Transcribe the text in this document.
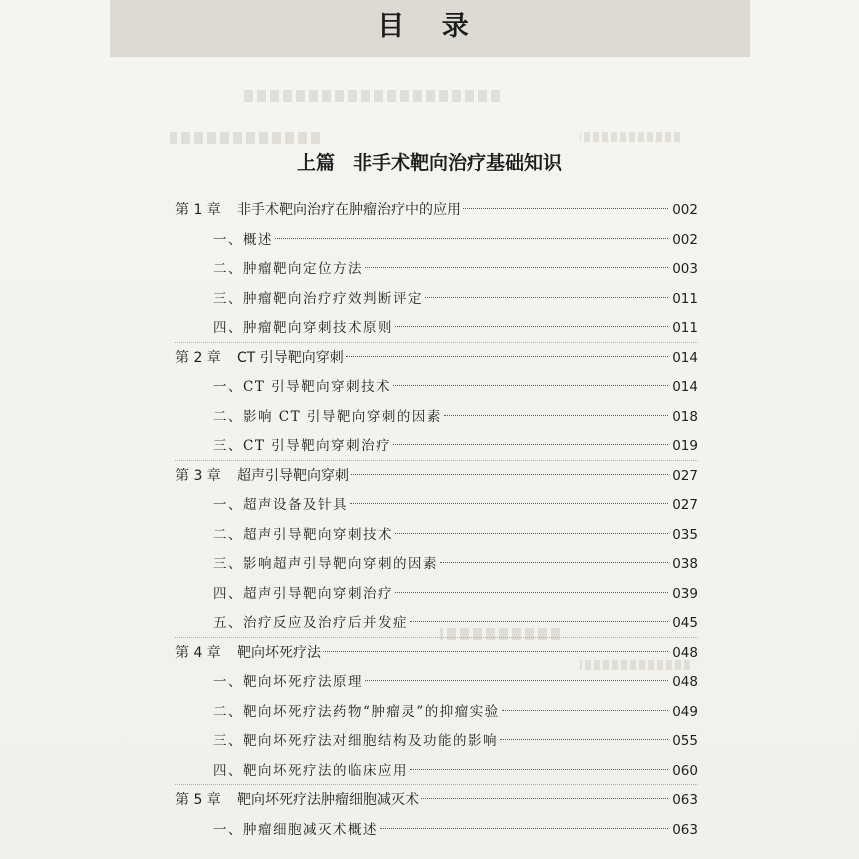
目 录
上篇 非手术靶向治疗基础知识
第 1 章	非手术靶向治疗在肿瘤治疗中的应用	002
一、概述	002
二、肿瘤靶向定位方法	003
三、肿瘤靶向治疗疗效判断评定	011
四、肿瘤靶向穿刺技术原则	011
第 2 章	CT 引导靶向穿刺	014
一、CT 引导靶向穿刺技术	014
二、影响 CT 引导靶向穿刺的因素	018
三、CT 引导靶向穿刺治疗	019
第 3 章	超声引导靶向穿刺	027
一、超声设备及针具	027
二、超声引导靶向穿刺技术	035
三、影响超声引导靶向穿刺的因素	038
四、超声引导靶向穿刺治疗	039
五、治疗反应及治疗后并发症	045
第 4 章	靶向坏死疗法	048
一、靶向坏死疗法原理	048
二、靶向坏死疗法药物“肿瘤灵”的抑瘤实验	049
三、靶向坏死疗法对细胞结构及功能的影响	055
四、靶向坏死疗法的临床应用	060
第 5 章	靶向坏死疗法肿瘤细胞减灭术	063
一、肿瘤细胞减灭术概述	063
